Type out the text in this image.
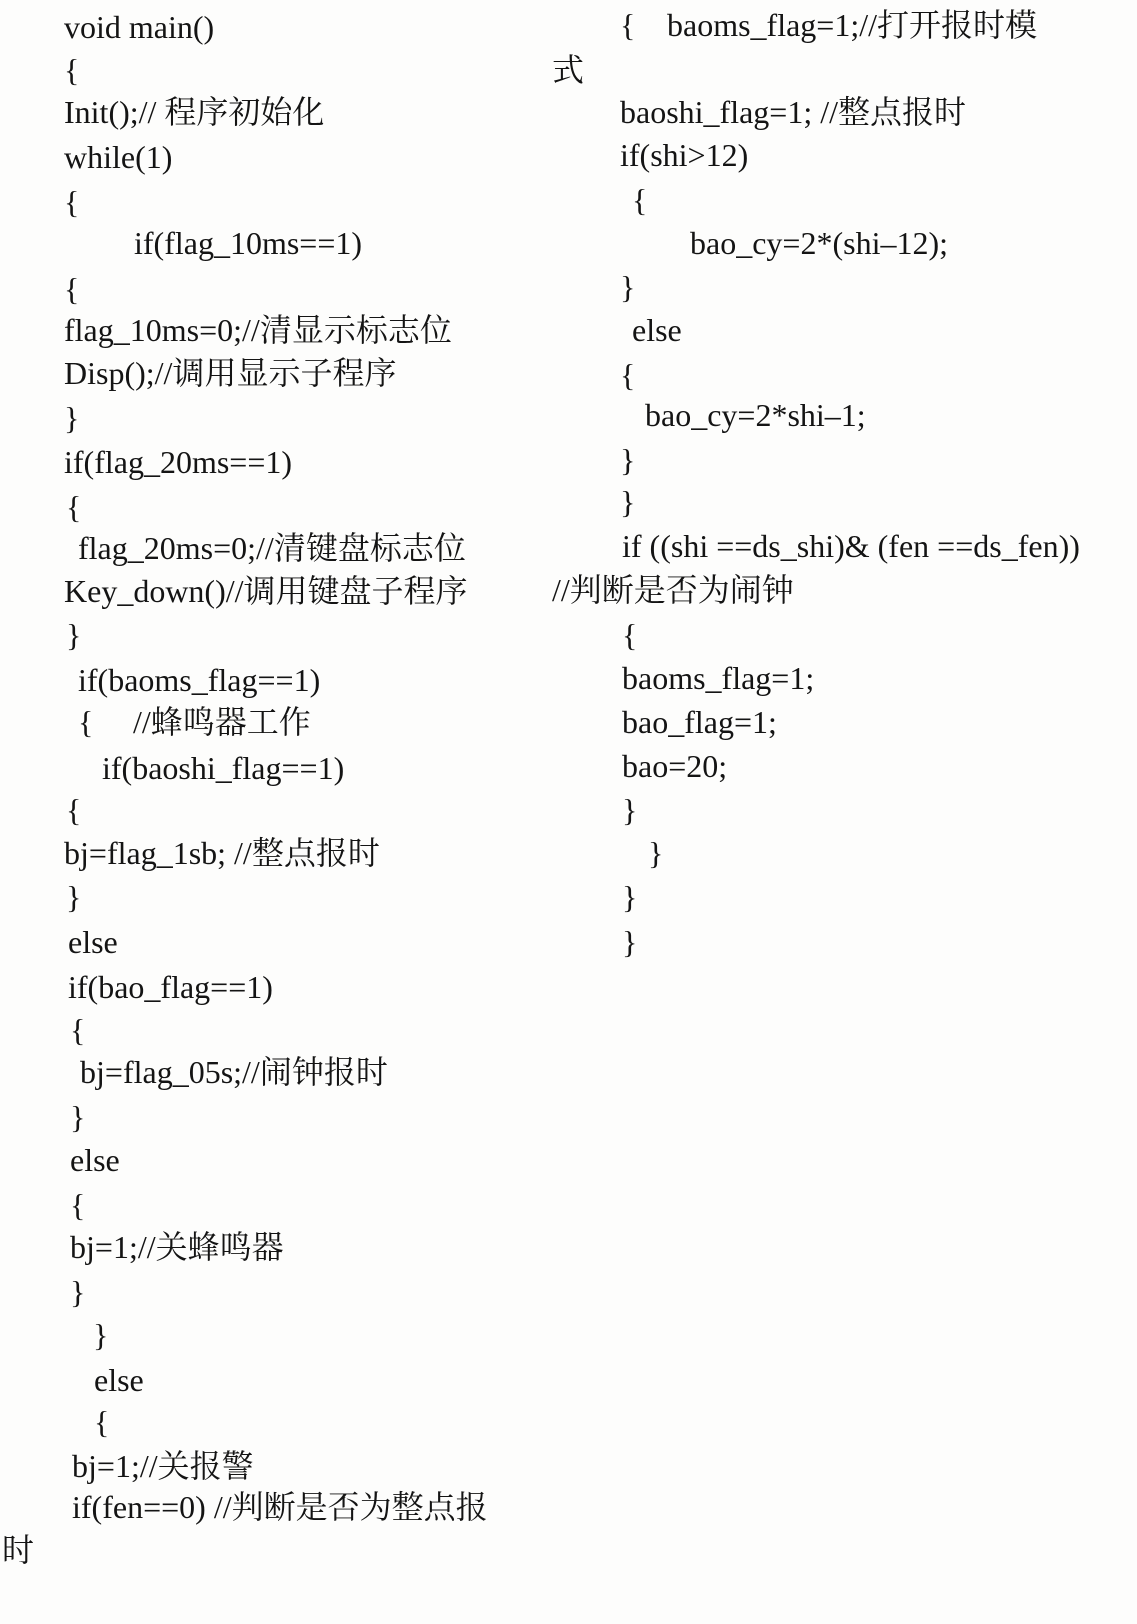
void main()
{
Init();// 程序初始化
while(1)
{
if(flag_10ms==1)
{
flag_10ms=0;//清显示标志位
Disp();//调用显示子程序
}
if(flag_20ms==1)
{
flag_20ms=0;//清键盘标志位
Key_down()//调用键盘子程序
}
if(baoms_flag==1)
{ //蜂鸣器工作
if(baoshi_flag==1)
{
bj=flag_1sb; //整点报时
}
else
if(bao_flag==1)
{
bj=flag_05s;//闹钟报时
}
else
{
bj=1;//关蜂鸣器
}
}
else
{
bj=1;//关报警
if(fen==0) //判断是否为整点报
时
{ baoms_flag=1;//打开报时模
式
baoshi_flag=1; //整点报时
if(shi>12)
{
bao_cy=2*(shi–12);
}
else
{
bao_cy=2*shi–1;
}
}
if ((shi ==ds_shi)& (fen ==ds_fen))
//判断是否为闹钟
{
baoms_flag=1;
bao_flag=1;
bao=20;
}
}
}
}
